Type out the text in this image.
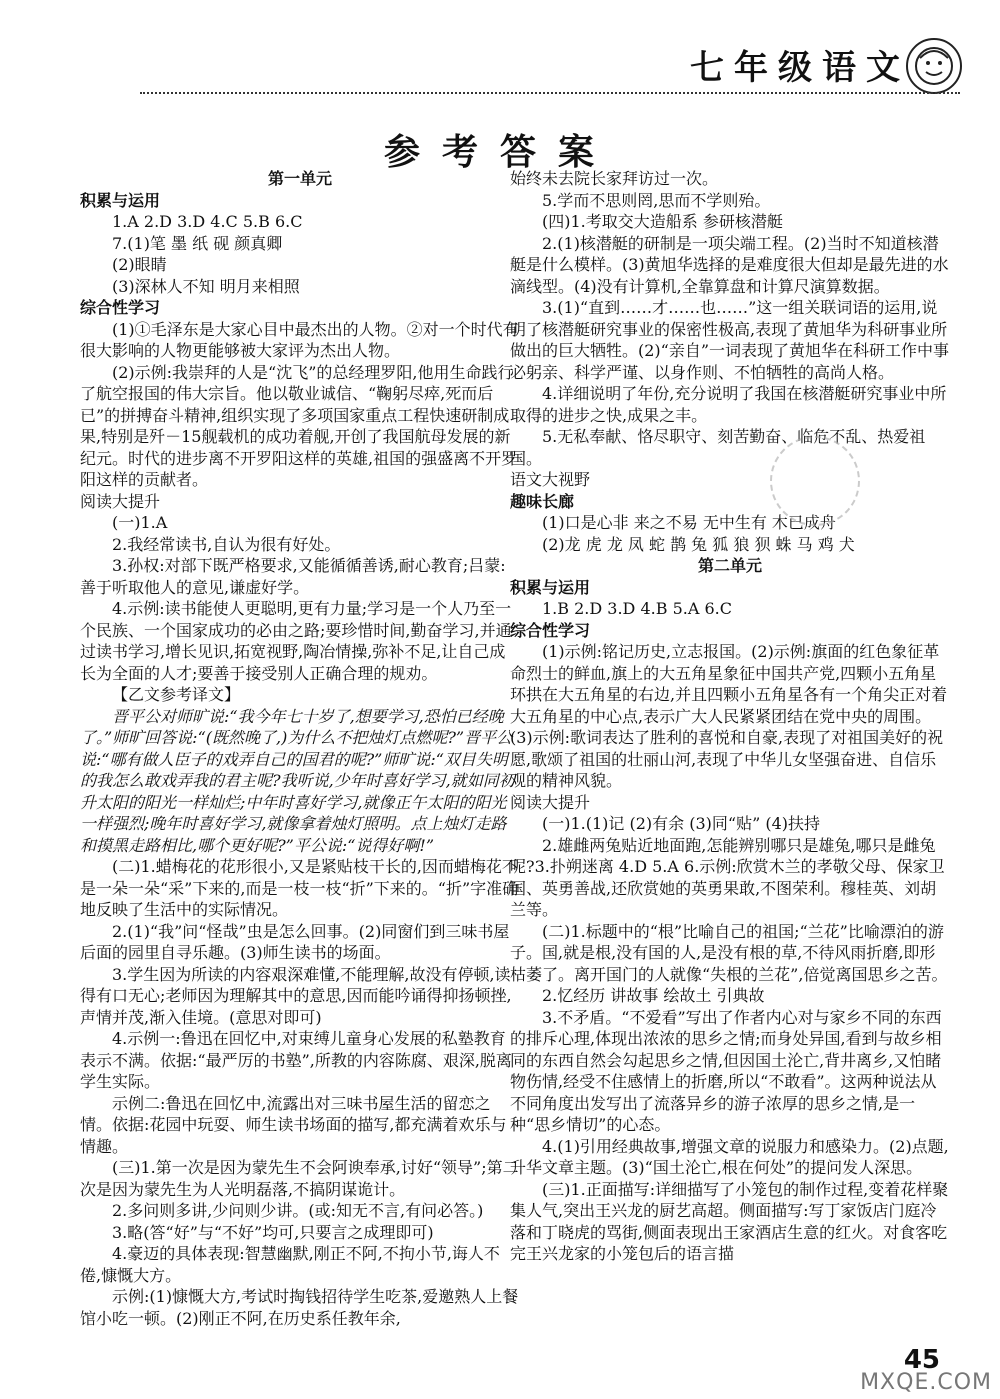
七年级语文
参考答案

第一单元

积累与运用

1.A 2.D 3.D 4.C 5.B 6.C

7.(1)笔 墨 纸 砚 颜真卿

(2)眼睛

(3)深林人不知 明月来相照

综合性学习

(1)①毛泽东是大家心目中最杰出的人物。②对一个时代有很大影响的人物更能够被大家评为杰出人物。

(2)示例:我崇拜的人是“沈飞”的总经理罗阳,他用生命践行了航空报国的伟大宗旨。他以敬业诚信、“鞠躬尽瘁,死而后已”的拼搏奋斗精神,组织实现了多项国家重点工程快速研制成果,特别是歼－15舰载机的成功着舰,开创了我国航母发展的新纪元。时代的进步离不开罗阳这样的英雄,祖国的强盛离不开罗阳这样的贡献者。

阅读大提升

(一)1.A

2.我经常读书,自认为很有好处。

3.孙权:对部下既严格要求,又能循循善诱,耐心教育;吕蒙:善于听取他人的意见,谦虚好学。

4.示例:读书能使人更聪明,更有力量;学习是一个人乃至一个民族、一个国家成功的必由之路;要珍惜时间,勤奋学习,并通过读书学习,增长见识,拓宽视野,陶冶情操,弥补不足,让自己成长为全面的人才;要善于接受别人正确合理的规劝。

【乙文参考译文】

晋平公对师旷说:“我今年七十岁了,想要学习,恐怕已经晚了。”师旷回答说:“(既然晚了,)为什么不把烛灯点燃呢?”晋平公说:“哪有做人臣子的戏弄自己的国君的呢?”师旷说:“双目失明的我怎么敢戏弄我的君主呢?我听说,少年时喜好学习,就如同初升太阳的阳光一样灿烂;中年时喜好学习,就像正午太阳的阳光一样强烈;晚年时喜好学习,就像拿着烛灯照明。点上烛灯走路和摸黑走路相比,哪个更好呢?”平公说:“说得好啊!”

(二)1.蜡梅花的花形很小,又是紧贴枝干长的,因而蜡梅花不是一朵一朵“采”下来的,而是一枝一枝“折”下来的。“折”字准确地反映了生活中的实际情况。

2.(1)“我”问“怪哉”虫是怎么回事。(2)同窗们到三味书屋后面的园里自寻乐趣。(3)师生读书的场面。

3.学生因为所读的内容艰深难懂,不能理解,故没有停顿,读得有口无心;老师因为理解其中的意思,因而能吟诵得抑扬顿挫,声情并茂,渐入佳境。(意思对即可)

4.示例一:鲁迅在回忆中,对束缚儿童身心发展的私塾教育表示不满。依据:“最严厉的书塾”,所教的内容陈腐、艰深,脱离学生实际。

示例二:鲁迅在回忆中,流露出对三味书屋生活的留恋之情。依据:花园中玩耍、师生读书场面的描写,都充满着欢乐与情趣。

(三)1.第一次是因为蒙先生不会阿谀奉承,讨好“领导”;第二次是因为蒙先生为人光明磊落,不搞阴谋诡计。

2.多问则多讲,少问则少讲。(或:知无不言,有问必答。)

3.略(答“好”与“不好”均可,只要言之成理即可)

4.豪迈的具体表现:智慧幽默,刚正不阿,不拘小节,诲人不倦,慷慨大方。

示例:(1)慷慨大方,考试时掏钱招待学生吃茶,爱邀熟人上餐馆小吃一顿。(2)刚正不阿,在历史系任教年余,

始终未去院长家拜访过一次。

5.学而不思则罔,思而不学则殆。

(四)1.考取交大造船系 参研核潜艇

2.(1)核潜艇的研制是一项尖端工程。(2)当时不知道核潜艇是什么模样。(3)黄旭华选择的是难度很大但却是最先进的水滴线型。(4)没有计算机,全靠算盘和计算尺演算数据。

3.(1)“直到……才……也……”这一组关联词语的运用,说明了核潜艇研究事业的保密性极高,表现了黄旭华为科研事业所做出的巨大牺牲。(2)“亲自”一词表现了黄旭华在科研工作中事必躬亲、科学严谨、以身作则、不怕牺牲的高尚人格。

4.详细说明了年份,充分说明了我国在核潜艇研究事业中所取得的进步之快,成果之丰。

5.无私奉献、恪尽职守、刻苦勤奋、临危不乱、热爱祖国。

语文大视野

趣味长廊

(1)口是心非 来之不易 无中生有 木已成舟

(2)龙 虎 龙 凤 蛇 鹊 兔 狐 狼 狈 蛛 马 鸡 犬

第二单元

积累与运用

1.B 2.D 3.D 4.B 5.A 6.C

综合性学习

(1)示例:铭记历史,立志报国。(2)示例:旗面的红色象征革命烈士的鲜血,旗上的大五角星象征中国共产党,四颗小五角星环拱在大五角星的右边,并且四颗小五角星各有一个角尖正对着大五角星的中心点,表示广大人民紧紧团结在党中央的周围。(3)示例:歌词表达了胜利的喜悦和自豪,表现了对祖国美好的祝愿,歌颂了祖国的壮丽山河,表现了中华儿女坚强奋进、自信乐观的精神风貌。

阅读大提升

(一)1.(1)记 (2)有余 (3)同“贴” (4)扶持

2.雄雌两兔贴近地面跑,怎能辨别哪只是雄兔,哪只是雌兔呢?3.扑朔迷离 4.D 5.A 6.示例:欣赏木兰的孝敬父母、保家卫国、英勇善战,还欣赏她的英勇果敢,不图荣利。穆桂英、刘胡兰等。

(二)1.标题中的“根”比喻自己的祖国;“兰花”比喻漂泊的游子。国,就是根,没有国的人,是没有根的草,不待风雨折磨,即形枯萎了。离开国门的人就像“失根的兰花”,倍觉离国思乡之苦。

2.忆经历 讲故事 绘故土 引典故

3.不矛盾。“不爱看”写出了作者内心对与家乡不同的东西的排斥心理,体现出浓浓的思乡之情;而身处异国,看到与故乡相同的东西自然会勾起思乡之情,但因国土沦亡,背井离乡,又怕睹物伤情,经受不住感情上的折磨,所以“不敢看”。这两种说法从不同角度出发写出了流落异乡的游子浓厚的思乡之情,是一种“思乡情切”的心态。

4.(1)引用经典故事,增强文章的说服力和感染力。(2)点题,升华文章主题。(3)“国土沦亡,根在何处”的提问发人深思。

(三)1.正面描写:详细描写了小笼包的制作过程,变着花样聚集人气,突出王兴龙的厨艺高超。侧面描写:写丁家饭店门庭冷落和丁晓虎的骂街,侧面表现出王家酒店生意的红火。对食客吃完王兴龙家的小笼包后的语言描

45
MXQE.COM
